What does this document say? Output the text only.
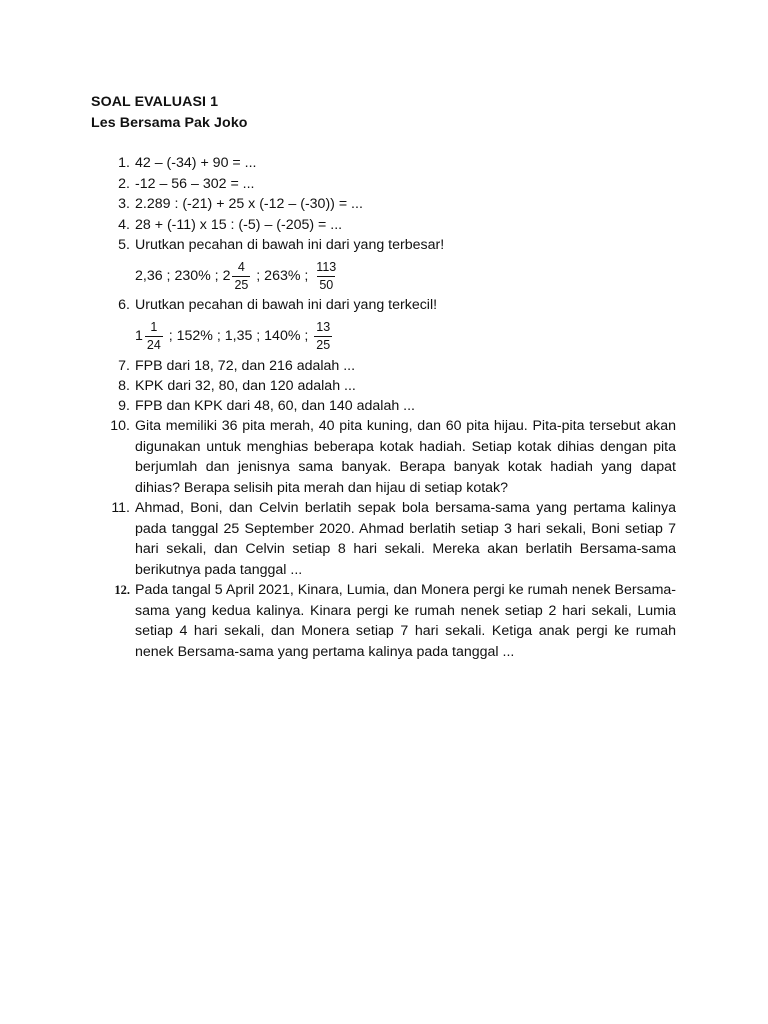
SOAL EVALUASI 1
Les Bersama Pak Joko
1. 42 – (-34) + 90 = ...
2. -12 – 56 – 302 = ...
3. 2.289 : (-21) + 25 x (-12 – (-30)) = ...
4. 28 + (-11) x 15 : (-5) – (-205) = ...
5. Urutkan pecahan di bawah ini dari yang terbesar!
2,36 ; 230% ; $2 \frac{4}{25}$ ; 263% ; $\frac{113}{50}$
6. Urutkan pecahan di bawah ini dari yang terkecil!
$1 \frac{1}{24}$ ; 152% ; 1,35 ; 140% ; $\frac{13}{25}$
7. FPB dari 18, 72, dan 216 adalah ...
8. KPK dari 32, 80, dan 120 adalah ...
9. FPB dan KPK dari 48, 60, dan 140 adalah ...
10. Gita memiliki 36 pita merah, 40 pita kuning, dan 60 pita hijau. Pita-pita tersebut akan digunakan untuk menghias beberapa kotak hadiah. Setiap kotak dihias dengan pita berjumlah dan jenisnya sama banyak. Berapa banyak kotak hadiah yang dapat dihias? Berapa selisih pita merah dan hijau di setiap kotak?
11. Ahmad, Boni, dan Celvin berlatih sepak bola bersama-sama yang pertama kalinya pada tanggal 25 September 2020. Ahmad berlatih setiap 3 hari sekali, Boni setiap 7 hari sekali, dan Celvin setiap 8 hari sekali. Mereka akan berlatih Bersama-sama berikutnya pada tanggal ...
12. Pada tangal 5 April 2021, Kinara, Lumia, dan Monera pergi ke rumah nenek Bersama-sama yang kedua kalinya. Kinara pergi ke rumah nenek setiap 2 hari sekali, Lumia setiap 4 hari sekali, dan Monera setiap 7 hari sekali. Ketiga anak pergi ke rumah nenek Bersama-sama yang pertama kalinya pada tanggal ...
